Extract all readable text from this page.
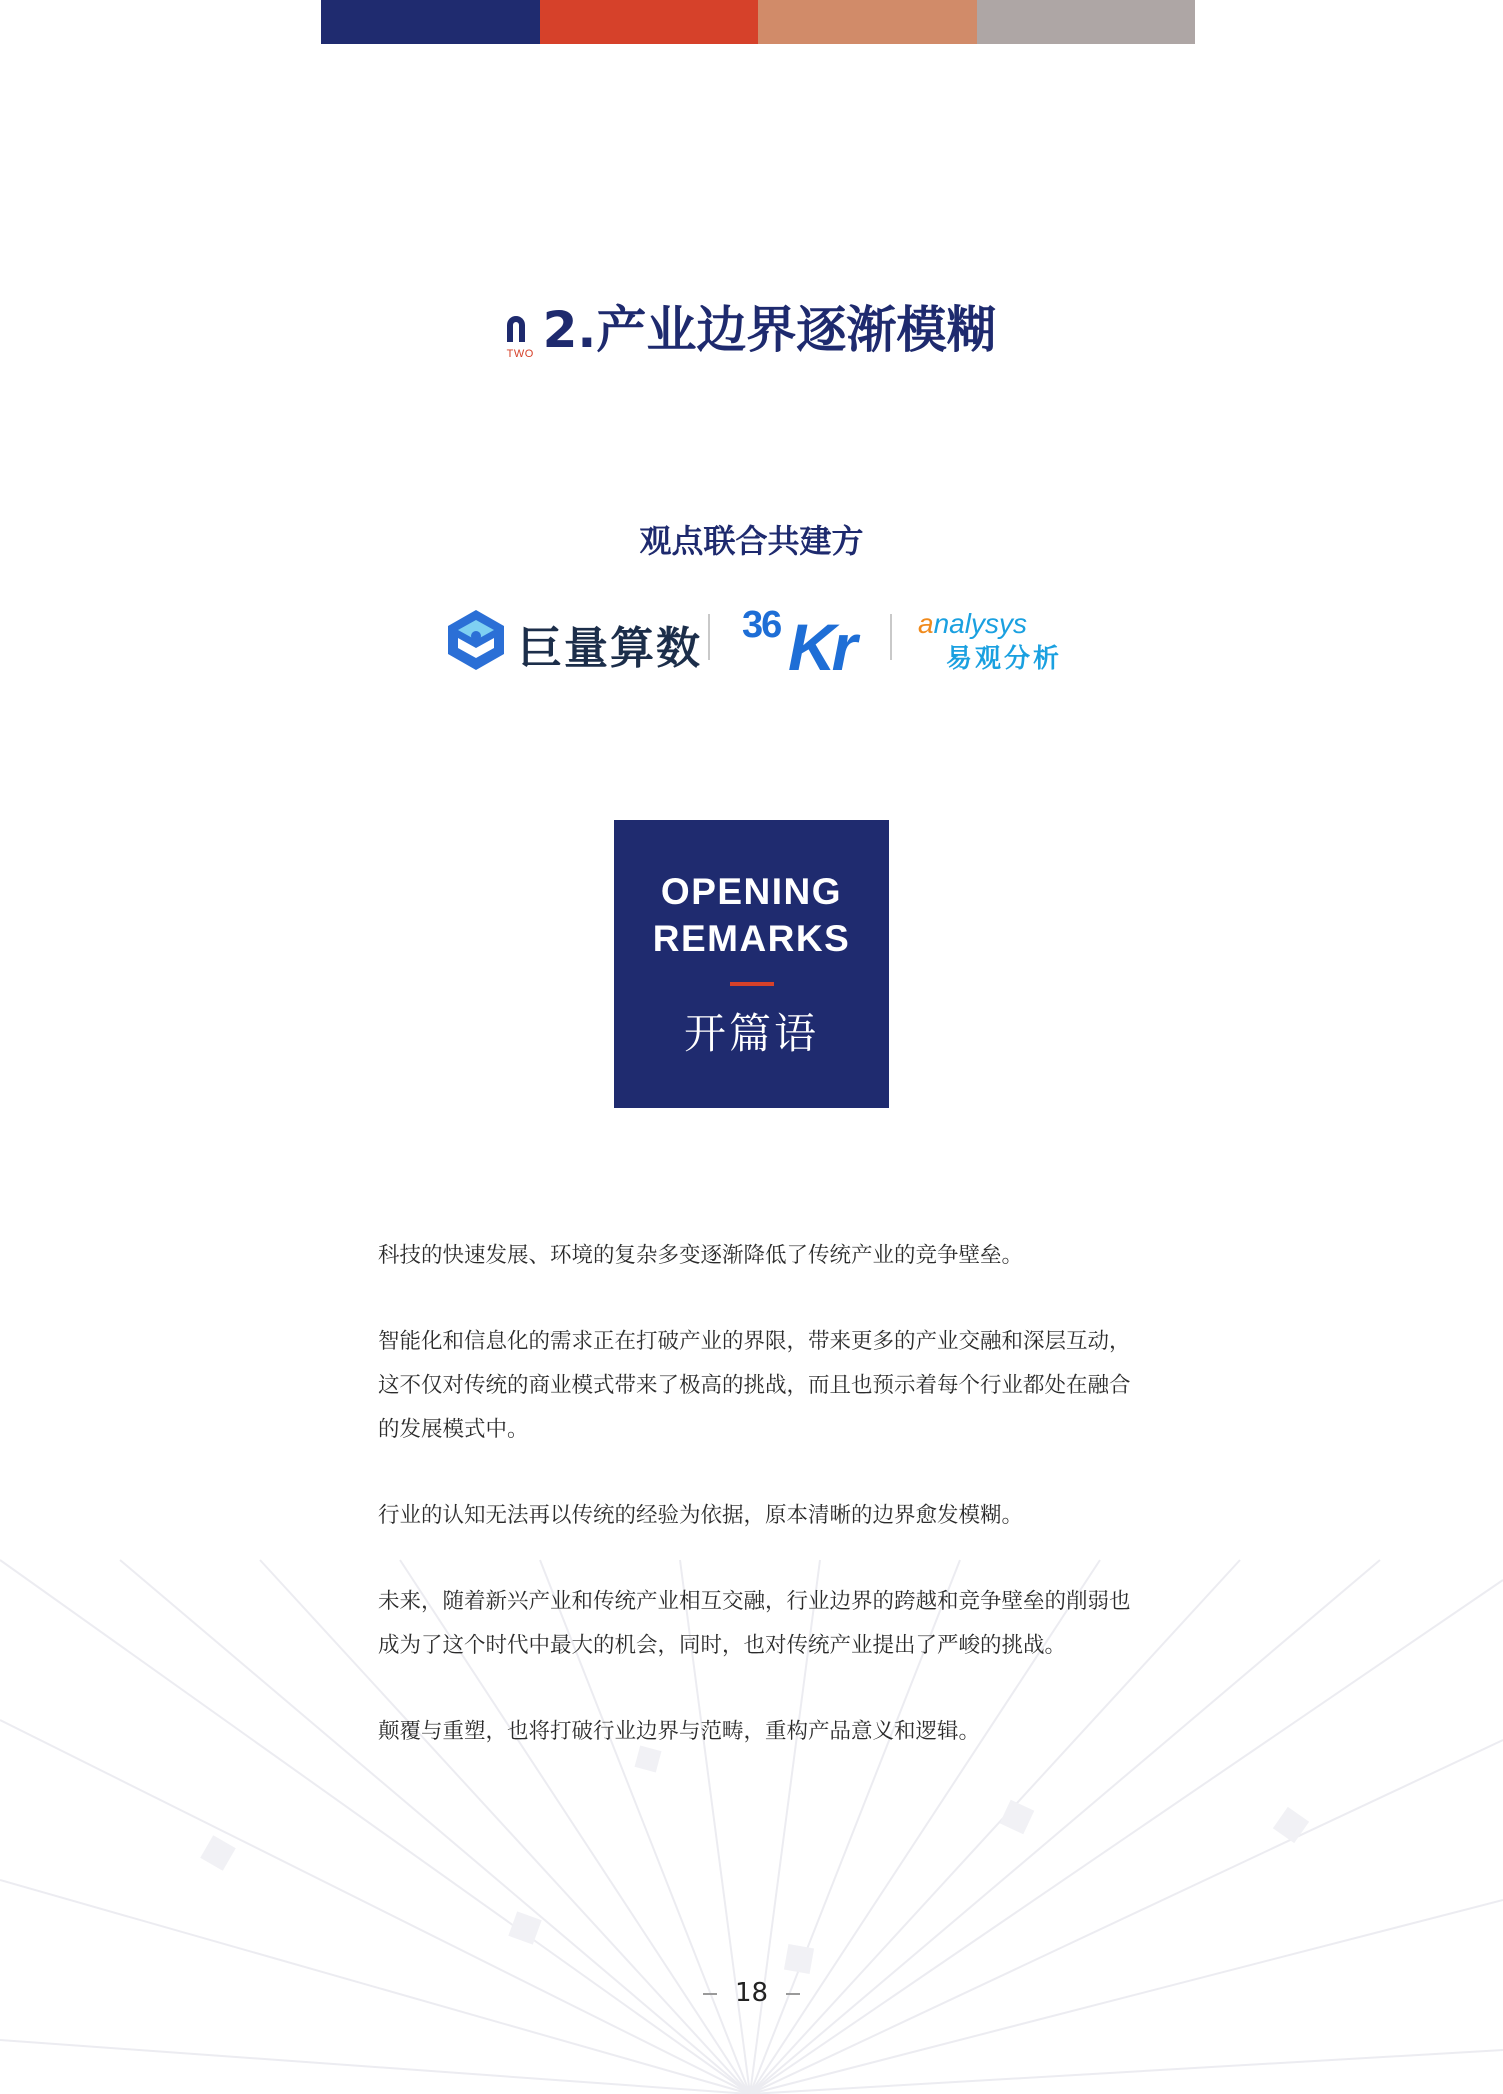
TWO 2.产业边界逐渐模糊
观点联合共建方
巨量算数 36 Kr analysys
易观分析
OPENING
REMARKS
开篇语

科技的快速发展、环境的复杂多变逐渐降低了传统产业的竞争壁垒。

智能化和信息化的需求正在打破产业的界限，带来更多的产业交融和深层互动，这不仅对传统的商业模式带来了极高的挑战，而且也预示着每个行业都处在融合的发展模式中。

行业的认知无法再以传统的经验为依据，原本清晰的边界愈发模糊。

未来，随着新兴产业和传统产业相互交融，行业边界的跨越和竞争壁垒的削弱也成为了这个时代中最大的机会，同时，也对传统产业提出了严峻的挑战。

颠覆与重塑，也将打破行业边界与范畴，重构产品意义和逻辑。

18
